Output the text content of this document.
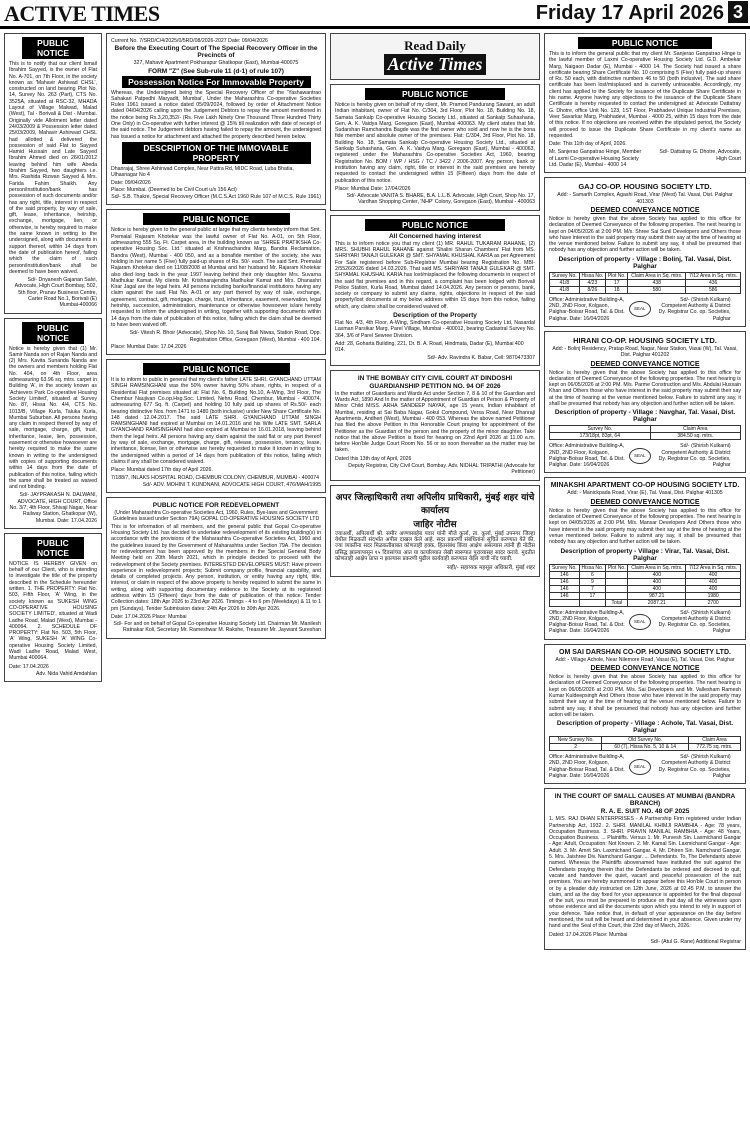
ACTIVE TIMES	Friday 17 April 2026 3
PUBLIC NOTICE

This is to notify that our client Ismail Ibrahim Sayyed, is the owner of Flat No. A-701, on 7th Floor, in the society known as 'Mahavir Ashiwad CHSL', constructed on land bearing Plot No. 14, Survey No. 263 (Part), CTS No. 3525A, situated at RSC-32, MHADA Layout of Village Malwad, Malad (West), Tal - Borivali & Dist - Mumbai. Originally vide Allotment letter dated 24/03/2009 & Possession letter dated 25/03/2009, Mahavir Ashirwad CHSL had allotted & delivered the possession of said Flat to Sayyed Hamid Hussain and Late Sayyed Ibrahim Ahmed died on 26/01/2012 leaving behind him wife Abeda Ibrahim Sayyed, two daughters i.e. Mrs. Rashida Rizwan Sayyed & Mrs. Farida Fahim Shaikh. Any person/institution/bank has possession of such documents and/or has any right, title, interest in respect of the said property, by way of sale, gift, lease, inheritance, heirship, exchange, mortgage, lien, or otherwise, is hereby required to make the same known in writing to the undersigned, along with documents in support thereof, within 14 days from the date of publication hereof, failing which the claim of such person/institution/bank shall be deemed to have been waived.

Sd/- Dnyanesh Gajanan Salvi, Advocate, High Court Bombay, 502, 5th floor, Pranav Business Centre, Carter Road No.1, Borivali (E) Mumbai-400066

PUBLIC NOTICE

Notice is hereby given that (1) Mr. Samir Nanda son of Rajan Nanda and (2) Mrs. Kavita Sunanda Nanda are the owners and members holding Flat No. 404, on 4th Floor, area admeasuring 63.96 sq. mtrs. carpet in Building 'A', in the society known as 'Achievers Park Co-operative Housing Society Limited', situated at Survey No. 87, Hissa No. 4/4, CTS No. 1013/B, Village Kurla, Taluka Kurla, Mumbai Suburban. All persons having any claim in respect thereof by way of sale, mortgage, charge, gift, trust, inheritance, lease, lien, possession, easement or otherwise howsoever are hereby required to make the same known in writing to the undersigned with copies of supporting documents within 14 days from the date of publication of this notice, failing which the same shall be treated as waived and not binding.

Sd/- JAYPRAKASH N. DALWANI, ADVOCATE, HIGH COURT, Office No. 3/7, 4th Floor, Shivaji Nagar, Near Railway Station, Ghatkopar (W), Mumbai. Date: 17.04.2026

PUBLIC NOTICE

NOTICE IS HEREBY GIVEN on behalf of our Client, who is intending to investigate the title of the property described in the Schedule hereunder written. 1. THE PROPERTY: Flat No. 503, Fifth Floor, 'A' Wing, in the society known as 'SUKESH WING CO-OPERATIVE HOUSING SOCIETY LIMITED', situated at Wadi Ladhe Road, Malad (West), Mumbai - 400064. 2. SCHEDULE OF PROPERTY: Flat No. 503, 5th Floor, 'A' Wing, SUKESH 'A' WING Co-operative Housing Society Limited, Wadi Ladhe Road, Malad West, Mumbai 400064.

Date: 17.04.2026

Adv. Nida Vahid Amdahlan

Current No. 7/SRD/C/4/2025/0/5RD/08/2026-2027 Date: 09/04/2026

Before the Executing Court of The Special Recovery Officer in the Precincts of

327, Mahavir Apartment Pokharapur Ghatkopar (East), Mumbai-400075

FORM "Z" (See Sub-rule 11 (d-1) of rule 107)
Possession Notice For Immovable Property

Whereas, the Undersigned being the Special Recovery Officer of the 'Yashawantrao Sahakari Patpedhi Maryadit, Mumbai', Under the Maharashtra Co-operative Societies Rules 1961 issued a notice dated 05/09/2024, followed by order of Attachment Notice dated 04/04/2026 calling upon the Judgement Debtors to repay the amount mentioned in the notice being Rs.3,20,352/- (Rs. Five Lakh Ninety One Thousand Three Hundred Thirty One Only) in Co-operative with further interest @ 15% till realization with date of receipt of the said notice. The Judgement debtors having failed to repay the amount, the undersigned has issued a notice for attachment and attached the property described herein below.

DESCRIPTION OF THE IMMOVABLE PROPERTY

Dhanrajaj, Shree Ashirwad Complex, Near Pattra Rd, MIDC Road, Luba Bhatia, Ulhasnagar No 4

Date: 09/04/2026

Place: Mumbai. (Deemed to be Civil Court u/s 156 Act)

Sd/- S.B. Thakre, Special Recovery Officer (M.C.S.Act 1960 Rule 107 of M.C.S. Rule 1961)

PUBLIC NOTICE

Notice is hereby given to the general public at large that my clients hereby inform that Smt. Premalal Rajaram Khotekar was the lawful owner of Flat No. A-01, on 5th Floor, admeasuring 555 Sq. Ft. Carpet area, in the building known as 'SHREE PRATIKSHA Co-operative Housing Soc. Ltd.' situated at Krishnachandra Marg, Bandra Reclamation, Bandra (West), Mumbai - 400 050, and as a bonafide member of the society, she was holding in her name 5 (Five) fully paid-up shares of Rs. 50/- each. The said Smt. Premalal Rajaram Khotekar died on 11/08/2008 at Mumbai and her husband Mr. Rajaram Khotekar also died long back in the year 1997 leaving behind their only daughter Mrs. Suvarna Madhukar Kamat. My clients Mr. Krishnarajendra Madhukar Kamat and Mrs. Dhanashri Kirar Jagal are the legal heirs. All persons including banks/financial institutions having any claim against the said Flat No. A-01 or any part thereof by way of sale, exchange, agreement, contract, gift, mortgage, charge, trust, inheritance, easement, reservation, legal heirship, succession, administration, maintenance or otherwise howsoever is/are hereby requested to inform the undersigned in writing, together with supporting documents within 14 days from the date of publication of this notice, failing which the claim shall be deemed to have been waived off.

Sd/- Vitesh R. Bhoir (Advocate), Shop No. 10, Suraj Bali Niwas, Station Road, Opp. Registration Office, Goregaon (West), Mumbai - 400 104.

Place: Mumbai Date: 17.04.2026

PUBLIC NOTICE

It is to inform to public in general that my client's father LATE SHRI. GYANCHAND UTTAM SINGH RAMSINGHANI was the 50% owner having 50% share, rights, in respect of a Residential Flat premises situated at: Flat No. 6, Building No.10, A-Wing, 3rd Floor, The Chembur Naujivan Co.op.Hsg.Soc. Limited, Nehru Road, Chembur, Mumbai - 400074, admeasuring 677 Sq. ft. (Carpet) and holding 10 fully paid up shares of Rs.50/- each bearing distinctive Nos. from 1471 to 1480 (both inclusive) under New Share Certificate No. 148 dated 12.04.2017. The said LATE SHRI. GYANCHAND UTTAM SINGH RAMSINGHANI had expired at Mumbai on 14.01.2016 and his Wife LATE SMT. SARLA GYANCHAND RAMSINGHANI had also expired at Mumbai on 16.01.2018, leaving behind them the legal heirs. All persons having any claim against the said flat or any part thereof by way of sale, exchange, mortgage, charge, gift, release, possession, tenancy, lease, inheritance, license, lien or otherwise are hereby requested to make it known in writing to the undersigned within a period of 14 days from publication of this notice, failing which claims if any shall be considered waived.

Place: Mumbai dated 17th day of April 2026.

7/188/7, INLAKS HOSPITAL ROAD, CHEMBUR COLONY, CHEMBUR, MUMBAI - 400074

Sd/- ADV. MOHINI T. KUNDNANI, ADVOCATE HIGH COURT, 476/MAH/1995

PUBLIC NOTICE FOR REDEVELOPMENT

(Under Maharashtra Co-operative Societies Act, 1960, Rules, Bye-laws and Government Guidelines issued under Section 79A) GOPAL CO-OPERATIVE HOUSING SOCIETY LTD

This is for information of all members, and the general public that Gopal Co-operative Housing Society Ltd. has decided to undertake redevelopment of its existing building(s) in accordance with the provisions of the Maharashtra Co-operative Societies Act, 1960 and the guidelines issued by the Government of Maharashtra under Section 79A. The decision for redevelopment has been approved by the members in the Special General Body Meeting held on 20th March 2021, which in principle decided to proceed with the redevelopment of the Society premises. INTERESTED DEVELOPERS MUST: Have proven experience in redevelopment projects; Submit company profile, financial capability, and details of completed projects. Any person, institution, or entity having any right, title, interest, or claim in respect of the above property is hereby required to submit the same in writing, along with supporting documentary evidence to the Society at its registered address within 15 (Fifteen) days from the date of publication of this notice. Tender Collection dates: 18th Apr 2026 to 23rd Apr 2026. Timings - 4 to 6 pm (Weekdays) & 11 to 1 pm (Sundays). Tender Submission dates: 24th Apr 2026 to 30th Apr 2026.

Date: 17.04.2026 Place: Mumbai

Sd/- For and on behalf of Gopal Co-operative Housing Society Ltd. Chairman Mr. Manilesh Ratnakar Koli, Secretary Mr. Rameshwar M. Rakshe, Treasurer Mr. Jaywant Sureshan

Read Daily
Active Times
PUBLIC NOTICE

Notice is hereby given on behalf of my client, Mr. Pramod Pandurang Sawant, an adult Indian inhabitant, owner of Flat No. C/304, 3rd Floor, Plot No. 18, Building No. 18, Samata Sankalp Co-operative Housing Society Ltd., situated at Sankalp Suhashana, Gen. A. K. Vaidya Marg, Goregaon (East), Mumbai 400063. My client states that Mr. Sudarshan Ramchandra Bagde was the first owner who sold and now he is the bona fide member and absolute owner of the premises. Flat: C/304, 3rd Floor, Plot No. 18, Building No. 18, Samata Sankalp Co-operative Housing Society Ltd., situated at Sankalp Suhashana, Gen. A. K. Vaidya Marg, Goregaon (East), Mumbai - 400063, registered under the Maharashtra Co-operative Societies Act, 1960, bearing Registration No. BOM / WP / HSG / TC / 3422 / 2006-2007. Any person, bank or institution having any claim, right, title or interest in the said premises are hereby requested to contact the undersigned within 15 (Fifteen) days from the date of publication of this notice.

Place: Mumbai Date: 17/04/2026

Sd/- Advocate VANITA S. BHARE, B.A. L.L.B. Advocate, High Court, Shop No. 17, Vardhan Shopping Center, 'NHP' Colony, Goregaon (East), Mumbai - 400063

PUBLIC NOTICE
All Concerned having interest

This is to inform notice you that my client (1) MR. RAHUL TUKARAM RAHANE, (2) MRS. SHUBHI RAHUL RAHANE against 'Shalini Sharan Chambers' Flat from MS. SHRIYARI TANAJI GULEKAR @ SMT. SHYAMAL KHUSHAL KARIA as per Agreement For Sale registered before Sub-Registrar Mumbai bearing Registration No. MBI-2/5526/2026 dated 14.03.2026. That said MS. SHRIYARI TANAJI GULEKAR @ SMT. SHYAMAL KHUSHAL KARIA has lost/misplaced the following documents in respect of the said flat premises and in this regard, a complaint has been lodged with Borivali Police Station, Kurla Road, Mumbai dated 14.04.2026. Any person or persons, bank, society or company to submit any claims, rights, objections in respect of the said property/lost documents at my below address within 15 days from this notice, failing which, any claims shall be considered waived off.

Description of the Property

Flat No. 4/3, 4th Floor, A-Wing, Sindham Co-operative Housing Society Ltd, Nasardal Laxman Parsikar Marg, Parel Village, Mumbai - 400012, bearing Cadastral Survey No. 364, 3/6 of Parel Sewree Division.

Add: 28, Goharta Building, 221, Dr. B. A. Road, Hindmata, Dadar (E), Mumbai 400 014.

Sd/- Adv. Ravindra K. Babar, Cell: 9870473307

IN THE BOMBAY CITY CIVIL COURT AT DINDOSHI
GUARDIANSHIP PETITION NO. 94 OF 2026

In the matter of Guardians and Wards Act under Section 7, 8 & 10 of the Guardian and Wards Act, 1890 And In the matter of Appointment of Guardian of Person & Property of Minor Child MISS. ARHA SANDEEP NAYAK, age 15 years, Indian inhabitant of Mumbai, residing at Sai Baba Nagar, Gokul Compound, Versa Road, Near Dhanraji Apartments, Andheri (West), Mumbai - 400 053. Whereas the above named Petitioner has filed the above Petition in this Honorable Court praying for appointment of the Petitioner as the Guardian of the person and the property of the minor daughter. Take notice that the above Petition is fixed for hearing on 22nd April 2026 at 11.00 a.m. before Hon'ble Judge Court Room No. 56 or so soon thereafter as the matter may be taken.

Dated this 13th day of April, 2026

Deputy Registrar, City Civil Court, Bombay. Adv. NIDHAL TRIPATHI (Advocate for Petitioner)

अपर जिल्हाधिकारी तथा अपिलीय प्राधिकारी, मुंबई शहर यांचे कार्यालय
जाहिर नोटीस

ज्याअर्थी, अपिलार्थी श्री. समीर अण्णासाहेब पवार यांनी मौजे कुर्ला, ता. कुर्ला, मुंबई उपनगर जिल्हा येथील मिळकती संदर्भात अपील दाखल केले आहे. सदर प्रकरणी संबंधितांना सूचित करण्यात येते की, ज्या व्यक्तींना सदर मिळकतीबाबत कोणताही हक्क, हितसंबंध किंवा आक्षेप असल्यास त्यांनी ही नोटीस प्रसिद्ध झाल्यापासून १५ दिवसांच्या आत या कार्यालयात लेखी स्वरूपात पुराव्यासह सादर करावे. मुदतीत कोणताही आक्षेप प्राप्त न झाल्यास प्रकरणी पुढील कार्यवाही करण्यात येईल याची नोंद घ्यावी.

सही/- सहाय्यक महसूल अधिकारी, मुंबई शहर

PUBLIC NOTICE

This is to inform the general public that my client Mr. Sanjerao Ganpatrao Hinge is the lawful member of Laxmi Co-operative Housing Society Ltd. G.D. Ambekar Marg, Naigaon Dadar (E), Mumbai - 4000 14. The Society had issued a share certificate bearing Share Certificate No. 10 comprising 5 (Five) fully paid-up shares of Rs. 50 each, with distinctive numbers 46 to 50 (both inclusive). The said share certificate has been lost/misplaced and is currently untraceable. Accordingly, my client has applied to the Society for issuance of the Duplicate Share Certificate in his name. Anyone having any objections to the issuance of the Duplicate Share Certificate is hereby requested to contact the undersigned at: Advocate Dattatray G. Dhotre, office Unit No. 123, 1ST Floor, Prabhadevi Unique Industrial Premises, Veer Savarkar Marg, Prabhadevi, Mumbai - 4000 25, within 15 days from the date of this notice. If no objections are received within the stipulated period, the Society will proceed to issue the Duplicate Share Certificate in my client's name as requested.

Date: This 11th day of April, 2026.

Mr. Sanjerao Ganpatrao Hinge, Member of Laxmi Co-operative Housing Society Ltd. Dadar (E), Mumbai - 4000 14

Sd/- Dattatray G. Dhotre, Advocate, High Court

GAJ CO-OP. HOUSING SOCIETY LTD.

Add: - Samarth Complex, Agashi Road, Virar (West) Tal. Vasai, Dist. Palghar 401303

DEEMED CONVEYANCE NOTICE

Notice is hereby given that the above Society has applied to this office for declaration of Deemed Conveyance of the following properties. The next hearing is kept on 04/05/2026 at 2:00 PM. M/s. Shree Sai Sunil Developers and Others those who have interest in the said property may submit their say at the time of hearing at the venue mentioned below. Failure to submit any say, it shall be presumed that nobody has any objection and further action will be taken.

Description of property - Village : Bolinj, Tal. Vasai, Dist. Palghar
Survey No.	Hissa No.	Plot No.	Claim Area in Sq. mtrs.	7/12 Area in Sq. mtrs.
41/8	4/23	17	438	436
41/8	8/26	18	580	586

Office: Administrative Building-A, 2ND, 2ND Floor, Kolgaon, Palghar-Boisar Road, Tal. & Dist. Palghar. Date: 16/04/2026

SEAL

Sd/- (Shirish Kulkarni) Competent Authority & District Dy. Registrar Co. op. Societies, Palghar

HIRANI CO-OP. HOUSING SOCIETY LTD.

Add: - Bolinj Residency, Pratap Road, Nagar, Near Station, Vasai (W), Tal. Vasai, Dist. Palghar 401202

DEEMED CONVEYANCE NOTICE

Notice is hereby given that the above Society has applied to this office for declaration of Deemed Conveyance of the following properties. The next hearing is kept on 06/05/2026 at 2:00 PM. M/s. Parme Construction and M/s. Abdulai Hussain Khan and Others those who have interest in the said property may submit their say at the time of hearing at the venue mentioned below. Failure to submit any say, it shall be presumed that nobody has any objection and further action will be taken.

Description of property - Village : Navghar, Tal. Vasai, Dist. Palghar
Survey No.	Claim Area
173/18pt, 83pt, 64	384.50 sq. mtrs.

Office: Administrative Building-A, 2ND, 2ND Floor, Kolgaon, Palghar-Boisar Road, Tal. & Dist. Palghar. Date: 16/04/2026

SEAL

Sd/- (Shirish Kulkarni) Competent Authority & District Dy. Registrar Co. op. Societies, Palghar

MINAKSHI APARTMENT CO-OP HOUSING SOCIETY LTD.

Add: - Manickpada Road, Virar (E), Tal. Vasai, Dist. Palghar 401305

DEEMED CONVEYANCE NOTICE

Notice is hereby given that the above Society has applied to this office for declaration of Deemed Conveyance of the following properties. The next hearing is kept on 04/05/2026 at 2:00 PM. M/s. Mansar Developers And Others those who have interest in the said property may submit their say at the time of hearing at the venue mentioned below. Failure to submit any say, it shall be presumed that nobody has any objection and further action will be taken.

Description of property - Village : Virar, Tal. Vasai, Dist. Palghar
Survey No.	Hissa No.	Plot No.	Claim Area in Sq. mtrs.	7/12 Area in Sq. mtrs.
146	6		400	400
146	9		400	400
146	7		400	400
146	17		987.21	1980
		Total	2087.21	2700

Office: Administrative Building-A, 2ND, 2ND Floor, Kolgaon, Palghar-Boisar Road, Tal. & Dist. Palghar. Date: 16/04/2026

SEAL

Sd/- (Shirish Kulkarni) Competent Authority & District Dy. Registrar Co. op. Societies, Palghar

OM SAI DARSHAN CO-OP. HOUSING SOCIETY LTD.

Add: - Village Achole, Near Nilemore Road, Vasai (E), Tal. Vasai, Dist. Palghar

DEEMED CONVEYANCE NOTICE

Notice is hereby given that the above Society has applied to this office for declaration of Deemed Conveyance of the following properties. The next hearing is kept on 06/05/2026 at 2:00 PM. M/s. Sai Developers and Mr. Vallesham Ramesh Kumar Kuldeepsingh And Others those who have interest in the said property may submit their say at the time of hearing at the venue mentioned below. Failure to submit any say, it shall be presumed that nobody has any objection and further action will be taken.

Description of property - Village : Achole, Tal. Vasai, Dist. Palghar
New Survey No.	Old Survey No.	Claim Area
2	60 (7), Hissa No. 5, 10 & 14	772.75 sq. mtrs.

Office: Administrative Building-A, 2ND, 2ND Floor, Kolgaon, Palghar-Boisar Road, Tal. & Dist. Palghar. Date: 16/04/2026

SEAL

Sd/- (Shirish Kulkarni) Competent Authority & District Dy. Registrar Co. op. Societies, Palghar

IN THE COURT OF SMALL CAUSES AT MUMBAI (BANDRA BRANCH)
R. A. E. SUIT NO. 48 OF 2025

1. M/S. RAJ DHAN ENTERPRISES - A Partnership Firm registered under Indian Partnership Act, 1932. 2. SHRI. MANILAL KHIMJI RAMBHIA - Age: 78 years, Occupation Business. 3. SHRI. PRAVIN MANILAL RAMBHIA - Age: 48 Years, Occupation Business. ... Plaintiffs. Versus 1. Mr. Purvesh Sin. Laxmichand Gangar - Age: Adult, Occupation: Not Known. 2. Mr. Kamal Sin. Laxmichand Gangar - Age: Adult. 3. Mr. Amrit Sin. Laxmichand Gangar. 4. Mr. Dhiren Sin. Namchand Gangar. 5. Mrs. Jaishree Div. Namchand Gangar. ... Defendants. To, The Defendants above named. Whereas the Plaintiffs abovenamed have instituted the suit against the Defendants praying therein that the Defendants be ordered and decreed to quit, vacate and handover the quiet, vacant and peaceful possession of the suit premises. You are hereby summoned to appear before this Hon'ble Court in person or by a pleader duly instructed on 12th June, 2026 at 02.45 P.M. to answer the claim, and as the day fixed for your appearance is appointed for the final disposal of the suit, you must be prepared to produce on that day all the witnesses upon whose evidence and all the documents upon which you intend to rely in support of your defence. Take notice that, in default of your appearance on the day before mentioned, the suit will be heard and determined in your absence. Given under my hand and the Seal of this Court, this 23rd day of March, 2026.

Dated: 17.04.2026 Place: Mumbai

Sd/- (Atul G. Rane) Additional Registrar
